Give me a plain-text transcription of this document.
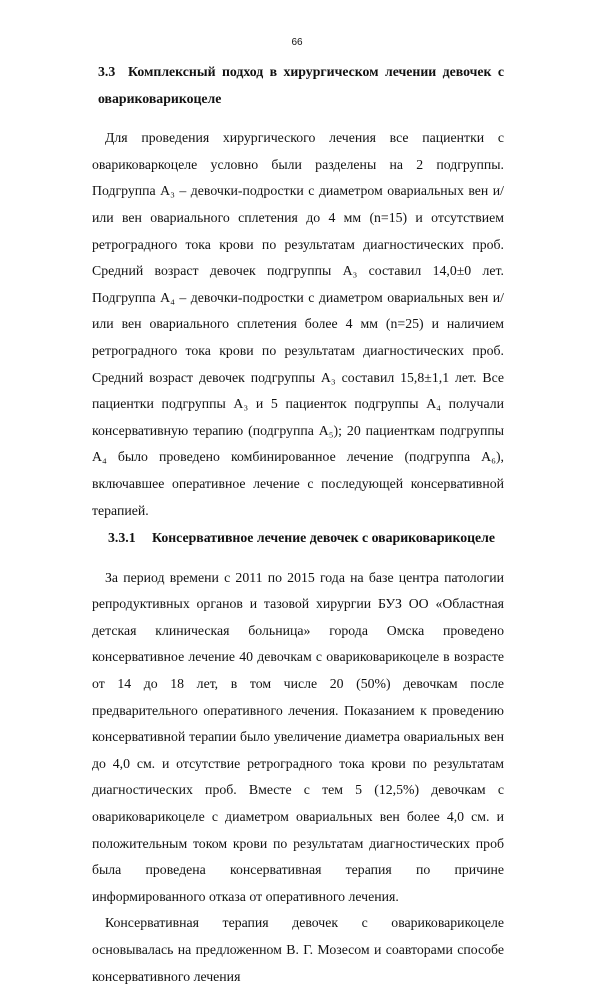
66

3.3 Комплексный подход в хирургическом лечении девочек с овариковарикоцеле

Для проведения хирургического лечения все пациентки с овариковаркоцеле условно были разделены на 2 подгруппы. Подгруппа А₃ – девочки-подростки с диаметром овариальных вен и/или вен овариального сплетения до 4 мм (n=15) и отсутствием ретроградного тока крови по результатам диагностических проб. Средний возраст девочек подгруппы А₃ составил 14,0±0 лет. Подгруппа А₄ – девочки-подростки с диаметром овариальных вен и/или вен овариального сплетения более 4 мм (n=25) и наличием ретроградного тока крови по результатам диагностических проб. Средний возраст девочек подгруппы А₃ составил 15,8±1,1 лет. Все пациентки подгруппы А₃ и 5 пациенток подгруппы А₄ получали консервативную терапию (подгруппа А₅); 20 пациенткам подгруппы А₄ было проведено комбинированное лечение (подгруппа А₆), включавшее оперативное лечение с последующей консервативной терапией.

3.3.1 Консервативное лечение девочек с овариковарикоцеле

За период времени с 2011 по 2015 года на базе центра патологии репродуктивных органов и тазовой хирургии БУЗ ОО «Областная детская клиническая больница» города Омска проведено консервативное лечение 40 девочкам с овариковарикоцеле в возрасте от 14 до 18 лет, в том числе 20 (50%) девочкам после предварительного оперативного лечения. Показанием к проведению консервативной терапии было увеличение диаметра овариальных вен до 4,0 см. и отсутствие ретроградного тока крови по результатам диагностических проб. Вместе с тем 5 (12,5%) девочкам с овариковарикоцеле с диаметром овариальных вен более 4,0 см. и положительным током крови по результатам диагностических проб была проведена консервативная терапия по причине информированного отказа от оперативного лечения.

Консервативная терапия девочек с овариковарикоцеле основывалась на предложенном В. Г. Мозесом и соавторами способе консервативного лечения
